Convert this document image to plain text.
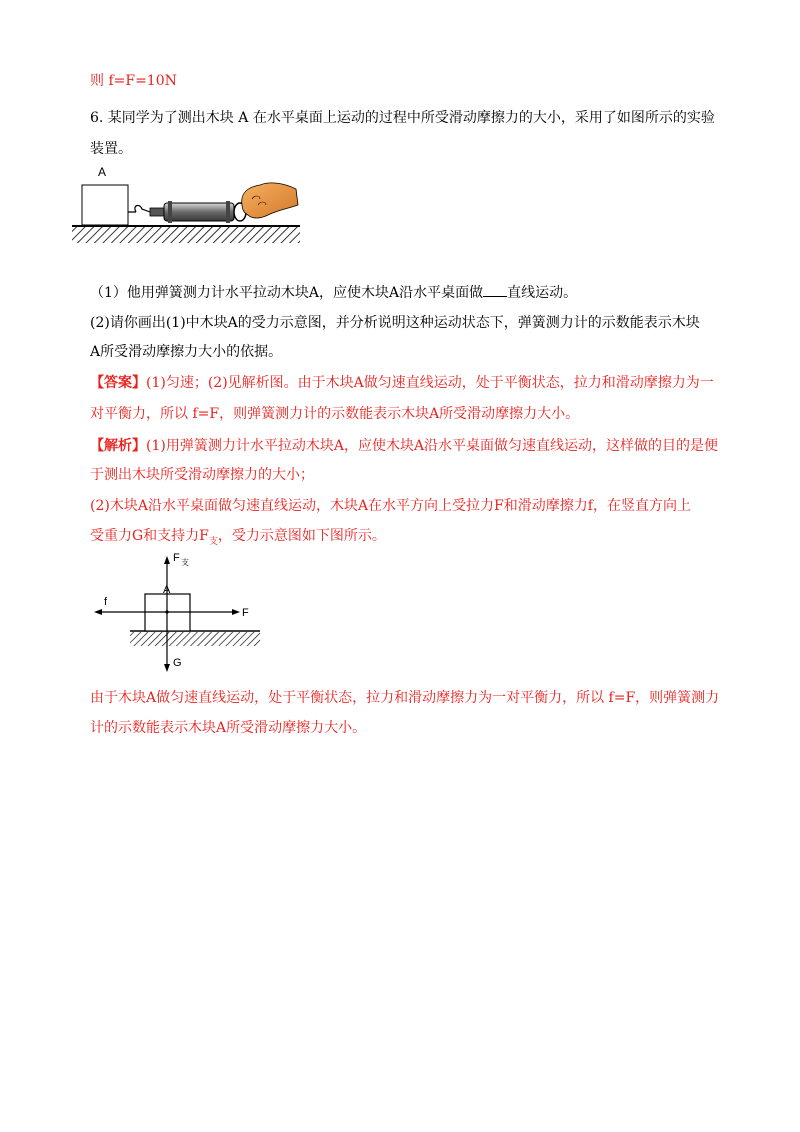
则 f=F=10N
6. 某同学为了测出木块 A 在水平桌面上运动的过程中所受滑动摩擦力的大小，采用了如图所示的实验
装置。
A
（1）他用弹簧测力计水平拉动木块A，应使木块A沿水平桌面做 直线运动。
(2)请你画出(1)中木块A的受力示意图，并分析说明这种运动状态下，弹簧测力计的示数能表示木块
A所受滑动摩擦力大小的依据。
【答案】(1)匀速；(2)见解析图。由于木块A做匀速直线运动，处于平衡状态，拉力和滑动摩擦力为一
对平衡力，所以 f=F，则弹簧测力计的示数能表示木块A所受滑动摩擦力大小。
【解析】(1)用弹簧测力计水平拉动木块A，应使木块A沿水平桌面做匀速直线运动，这样做的目的是便
于测出木块所受滑动摩擦力的大小；
(2)木块A沿水平桌面做匀速直线运动，木块A在水平方向上受拉力F和滑动摩擦力f，在竖直方向上
受重力G和支持力$F_支$，受力示意图如下图所示。
F 支
A
f
F
G
由于木块A做匀速直线运动，处于平衡状态，拉力和滑动摩擦力为一对平衡力，所以 f=F，则弹簧测力
计的示数能表示木块A所受滑动摩擦力大小。
